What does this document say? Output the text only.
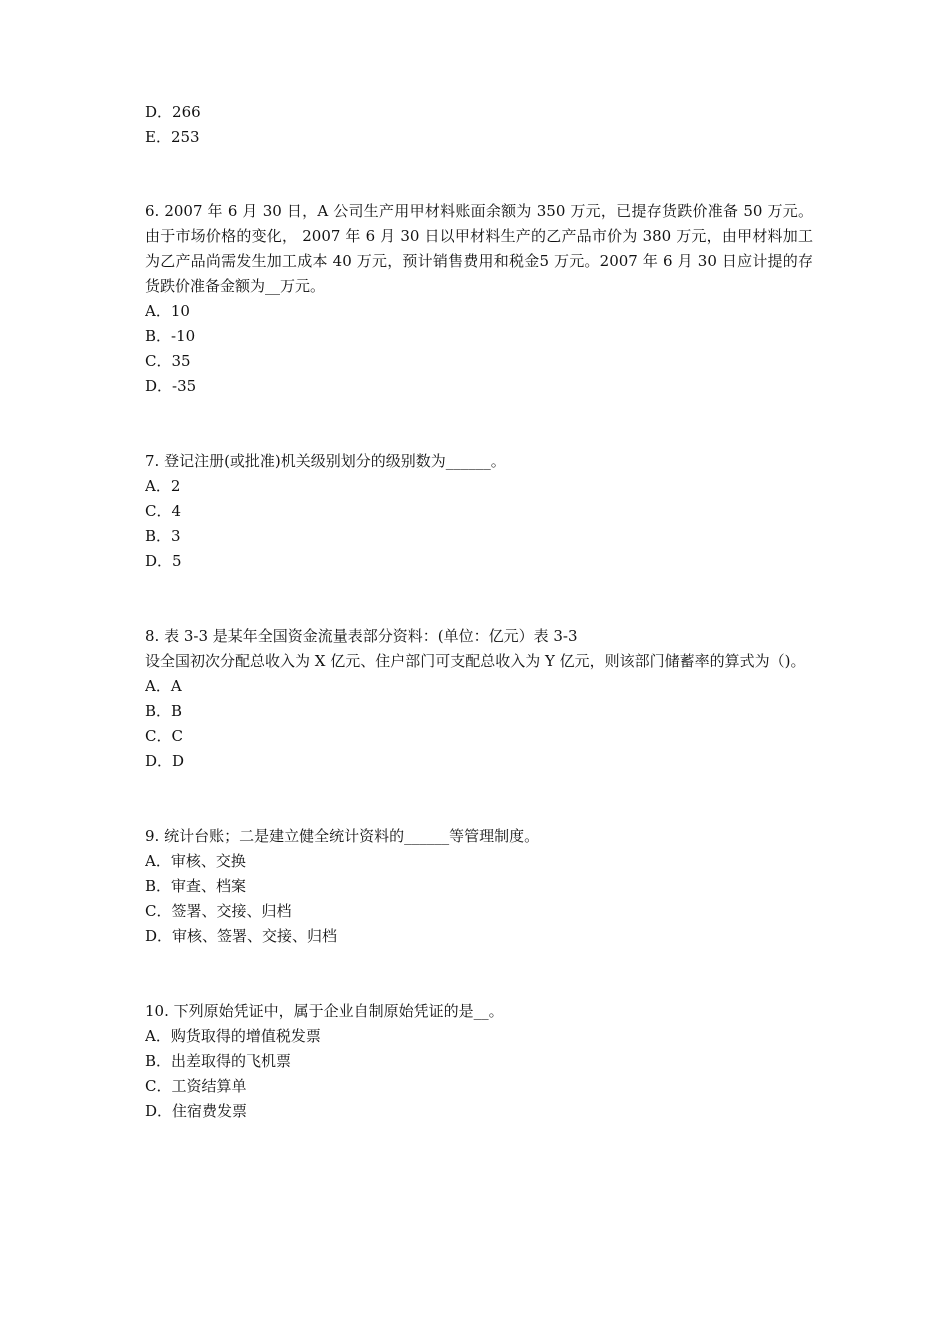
D．266
E．253
6. 2007 年 6 月 30 日，A 公司生产用甲材料账面余额为 350 万元，已提存货跌价准备 50 万元。由于市场价格的变化， 2007 年 6 月 30 日以甲材料生产的乙产品市价为 380 万元，由甲材料加工为乙产品尚需发生加工成本 40 万元，预计销售费用和税金5 万元。2007 年 6 月 30 日应计提的存货跌价准备金额为__万元。
A．10
B．-10
C．35
D．-35
7. 登记注册(或批准)机关级别划分的级别数为______。
A．2
C．4
B．3
D．5
8. 表 3-3 是某年全国资金流量表部分资料：(单位：亿元）表 3-3
设全国初次分配总收入为 X 亿元、住户部门可支配总收入为 Y 亿元，则该部门储蓄率的算式为（)。
A．A
B．B
C．C
D．D
9. 统计台账；二是建立健全统计资料的______等管理制度。
A．审核、交换
B．审查、档案
C．签署、交接、归档
D．审核、签署、交接、归档
10. 下列原始凭证中，属于企业自制原始凭证的是__。
A．购货取得的增值税发票
B．出差取得的飞机票
C．工资结算单
D．住宿费发票
